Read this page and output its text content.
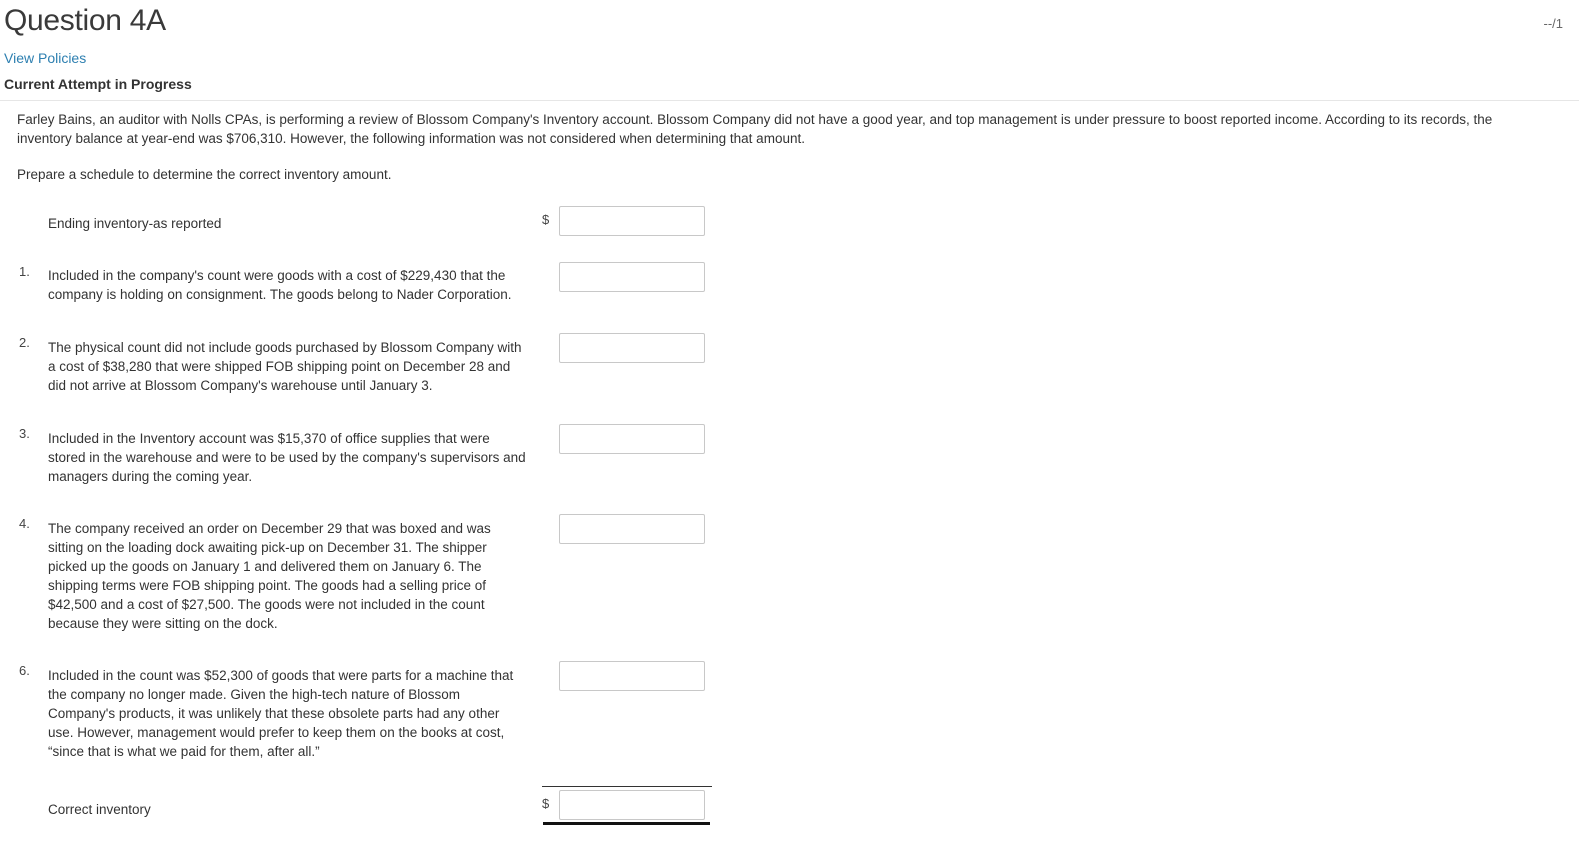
Question 4A	--/1
View Policies
Current Attempt in Progress

Farley Bains, an auditor with Nolls CPAs, is performing a review of Blossom Company's Inventory account. Blossom Company did not have a good year, and top management is under pressure to boost reported income. According to its records, the inventory balance at year-end was $706,310. However, the following information was not considered when determining that amount.

Prepare a schedule to determine the correct inventory amount.

Ending inventory-as reported	$
1. Included in the company's count were goods with a cost of $229,430 that the company is holding on consignment. The goods belong to Nader Corporation.
2. The physical count did not include goods purchased by Blossom Company with a cost of $38,280 that were shipped FOB shipping point on December 28 and did not arrive at Blossom Company's warehouse until January 3.
3. Included in the Inventory account was $15,370 of office supplies that were stored in the warehouse and were to be used by the company's supervisors and managers during the coming year.
4. The company received an order on December 29 that was boxed and was sitting on the loading dock awaiting pick-up on December 31. The shipper picked up the goods on January 1 and delivered them on January 6. The shipping terms were FOB shipping point. The goods had a selling price of $42,500 and a cost of $27,500. The goods were not included in the count because they were sitting on the dock.
6. Included in the count was $52,300 of goods that were parts for a machine that the company no longer made. Given the high-tech nature of Blossom Company's products, it was unlikely that these obsolete parts had any other use. However, management would prefer to keep them on the books at cost, “since that is what we paid for them, after all.”
Correct inventory	$
